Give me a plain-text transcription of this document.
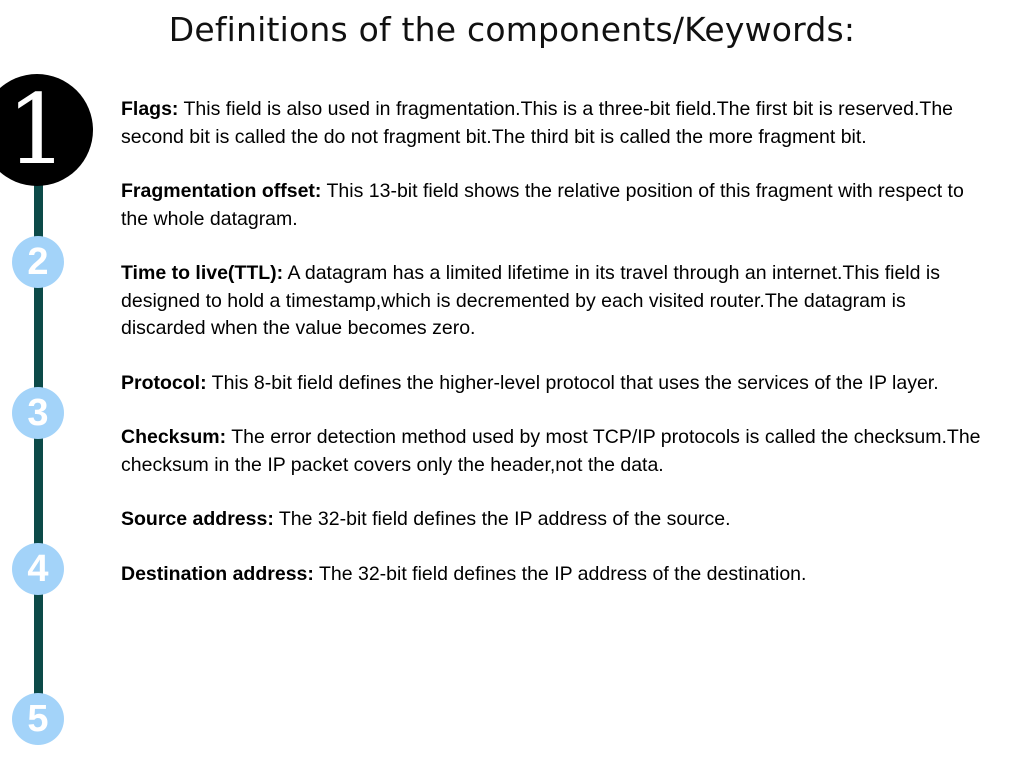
Definitions of the components/Keywords:
1
2
3
4
5

Flags: This field is also used in fragmentation.This is a three-bit field.The first bit is reserved.The second bit is called the do not fragment bit.The third bit is called the more fragment bit.

Fragmentation offset: This 13-bit field shows the relative position of this fragment with respect to the whole datagram.

Time to live(TTL): A datagram has a limited lifetime in its travel through an internet.This field is designed to hold a timestamp,which is decremented by each visited router.The datagram is discarded when the value becomes zero.

Protocol: This 8-bit field defines the higher-level protocol that uses the services of the IP layer.

Checksum: The error detection method used by most TCP/IP protocols is called the checksum.The checksum in the IP packet covers only the header,not the data.

Source address: The 32-bit field defines the IP address of the source.

Destination address: The 32-bit field defines the IP address of the destination.
